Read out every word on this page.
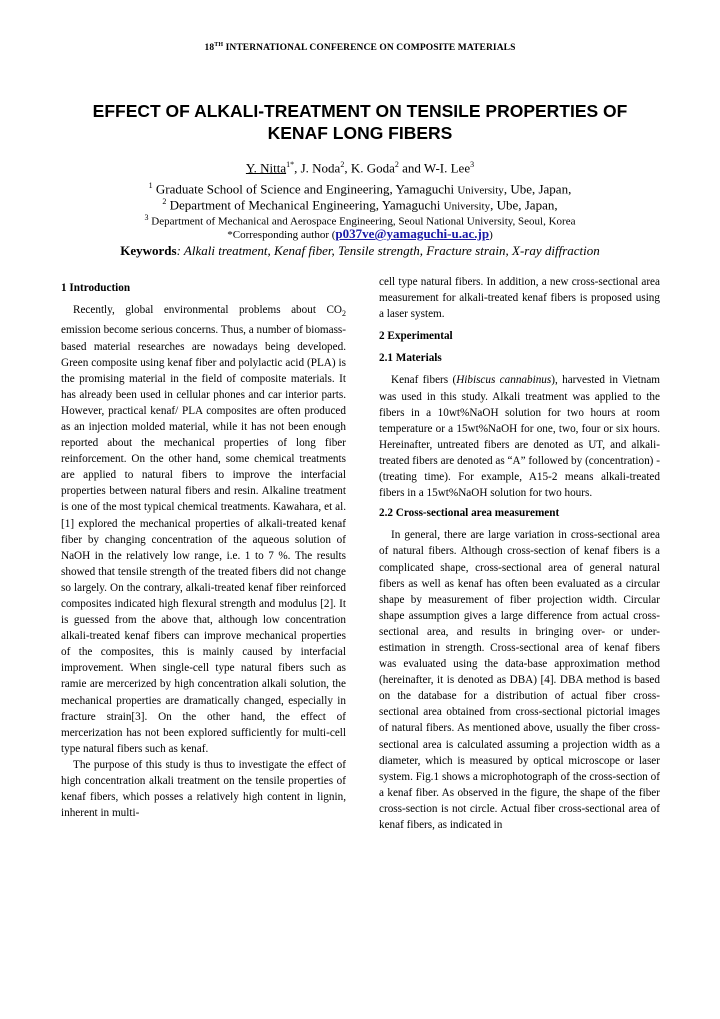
18TH INTERNATIONAL CONFERENCE ON COMPOSITE MATERIALS
EFFECT OF ALKALI-TREATMENT ON TENSILE PROPERTIES OF
KENAF LONG FIBERS
Y. Nitta$^{1*}$, J. Noda$^2$, K. Goda$^2$ and W-I. Lee$^3$
$^1$ Graduate School of Science and Engineering, Yamaguchi University, Ube, Japan,
$^2$ Department of Mechanical Engineering, Yamaguchi University, Ube, Japan,
$^3$ Department of Mechanical and Aerospace Engineering, Seoul National University, Seoul, Korea
*Corresponding author (p037ve@yamaguchi-u.ac.jp)
Keywords: Alkali treatment, Kenaf fiber, Tensile strength, Fracture strain, X-ray diffraction
1 Introduction

Recently, global environmental problems about $CO_2$ emission become serious concerns. Thus, a number of biomass-based material researches are nowadays being developed. Green composite using kenaf fiber and polylactic acid (PLA) is the promising material in the field of composite materials. It has already been used in cellular phones and car interior parts. However, practical kenaf/ PLA composites are often produced as an injection molded material, while it has not been enough reported about the mechanical properties of long fiber reinforcement. On the other hand, some chemical treatments are applied to natural fibers to improve the interfacial properties between natural fibers and resin. Alkaline treatment is one of the most typical chemical treatments. Kawahara, et al. [1] explored the mechanical properties of alkali-treated kenaf fiber by changing concentration of the aqueous solution of NaOH in the relatively low range, i.e. 1 to 7 %. The results showed that tensile strength of the treated fibers did not change so largely. On the contrary, alkali-treated kenaf fiber reinforced composites indicated high flexural strength and modulus [2]. It is guessed from the above that, although low concentration alkali-treated kenaf fibers can improve mechanical properties of the composites, this is mainly caused by interfacial improvement. When single-cell type natural fibers such as ramie are mercerized by high concentration alkali solution, the mechanical properties are dramatically changed, especially in fracture strain[3]. On the other hand, the effect of mercerization has not been explored sufficiently for multi-cell type natural fibers such as kenaf.

The purpose of this study is thus to investigate the effect of high concentration alkali treatment on the tensile properties of kenaf fibers, which posses a relatively high content in lignin, inherent in multi-

cell type natural fibers. In addition, a new cross-sectional area measurement for alkali-treated kenaf fibers is proposed using a laser system.

2 Experimental
2.1 Materials

Kenaf fibers (Hibiscus cannabinus), harvested in Vietnam was used in this study. Alkali treatment was applied to the fibers in a 10wt%NaOH solution for two hours at room temperature or a 15wt%NaOH for one, two, four or six hours. Hereinafter, untreated fibers are denoted as UT, and alkali-treated fibers are denoted as “A” followed by (concentration) - (treating time). For example, A15-2 means alkali-treated fibers in a 15wt%NaOH solution for two hours.

2.2 Cross-sectional area measurement

In general, there are large variation in cross-sectional area of natural fibers. Although cross-section of kenaf fibers is a complicated shape, cross-sectional area of general natural fibers as well as kenaf has often been evaluated as a circular shape by measurement of fiber projection width. Circular shape assumption gives a large difference from actual cross-sectional area, and results in bringing over- or under- estimation in strength. Cross-sectional area of kenaf fibers was evaluated using the data-base approximation method (hereinafter, it is denoted as DBA) [4]. DBA method is based on the database for a distribution of actual fiber cross-sectional area obtained from cross-sectional pictorial images of natural fibers. As mentioned above, usually the fiber cross-sectional area is calculated assuming a projection width as a diameter, which is measured by optical microscope or laser system. Fig.1 shows a microphotograph of the cross-section of a kenaf fiber. As observed in the figure, the shape of the fiber cross-section is not circle. Actual fiber cross-sectional area of kenaf fibers, as indicated in
